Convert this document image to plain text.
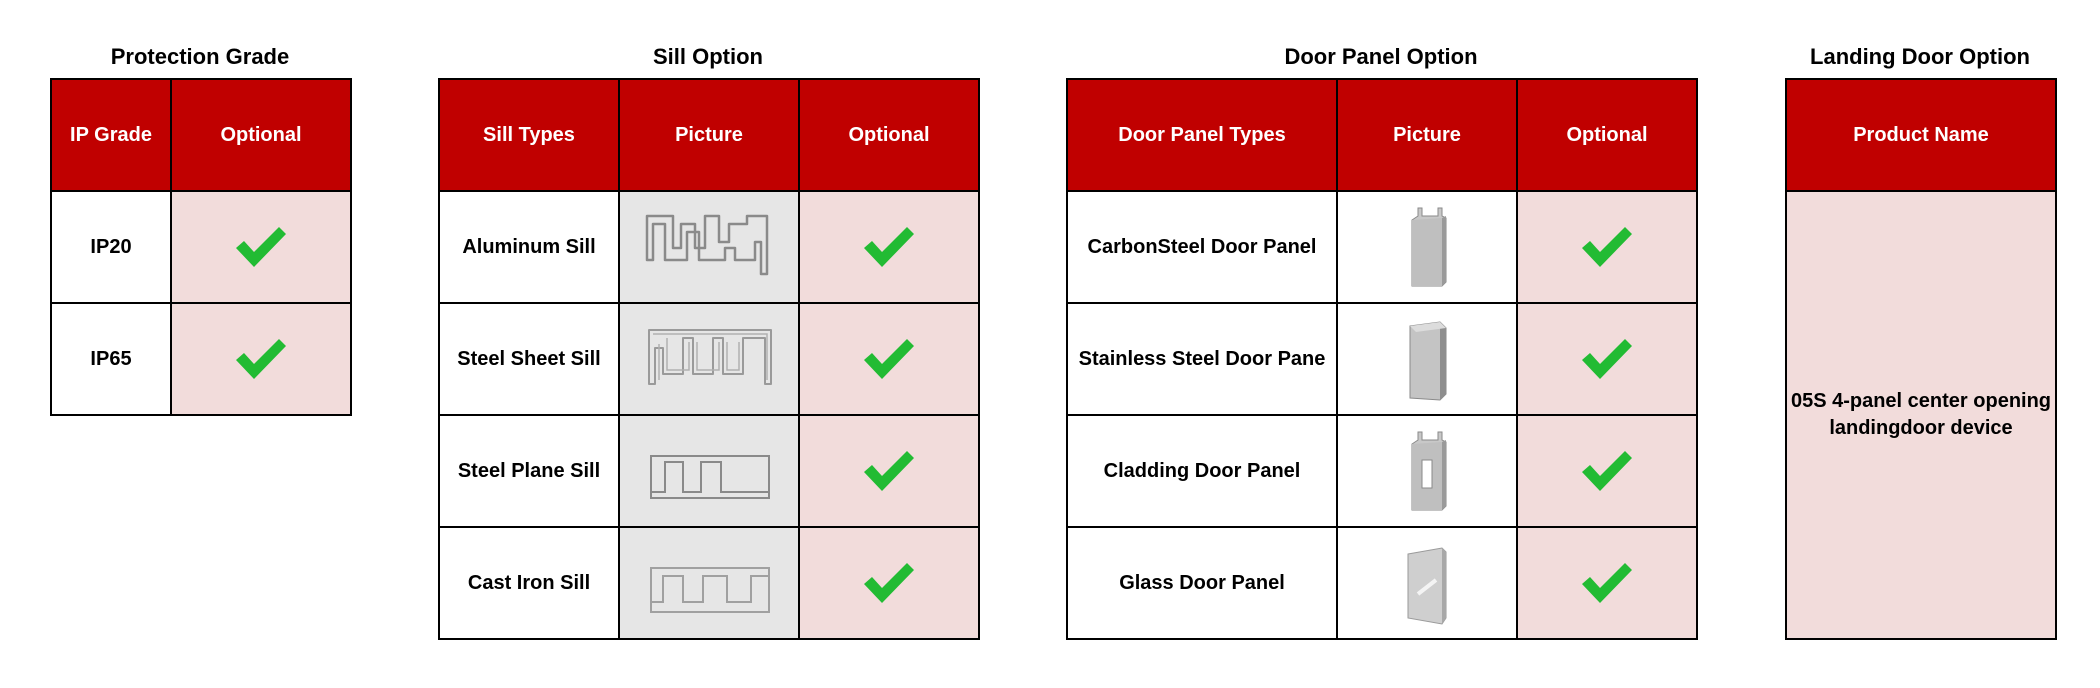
Protection Grade
IP Grade	Optional
IP20	

IP65	
Sill Option
Sill Types	Picture	Optional
Aluminum Sill	

Steel Sheet Sill	

Steel Plane Sill	

Cast Iron Sill	

Door Panel Option
Door Panel Types	Picture	Optional
CarbonSteel Door Panel	

Stainless Steel Door Pane	

Cladding Door Panel	

Glass Door Panel	

Landing Door Option
Product Name
05S 4-panel center opening landingdoor device
